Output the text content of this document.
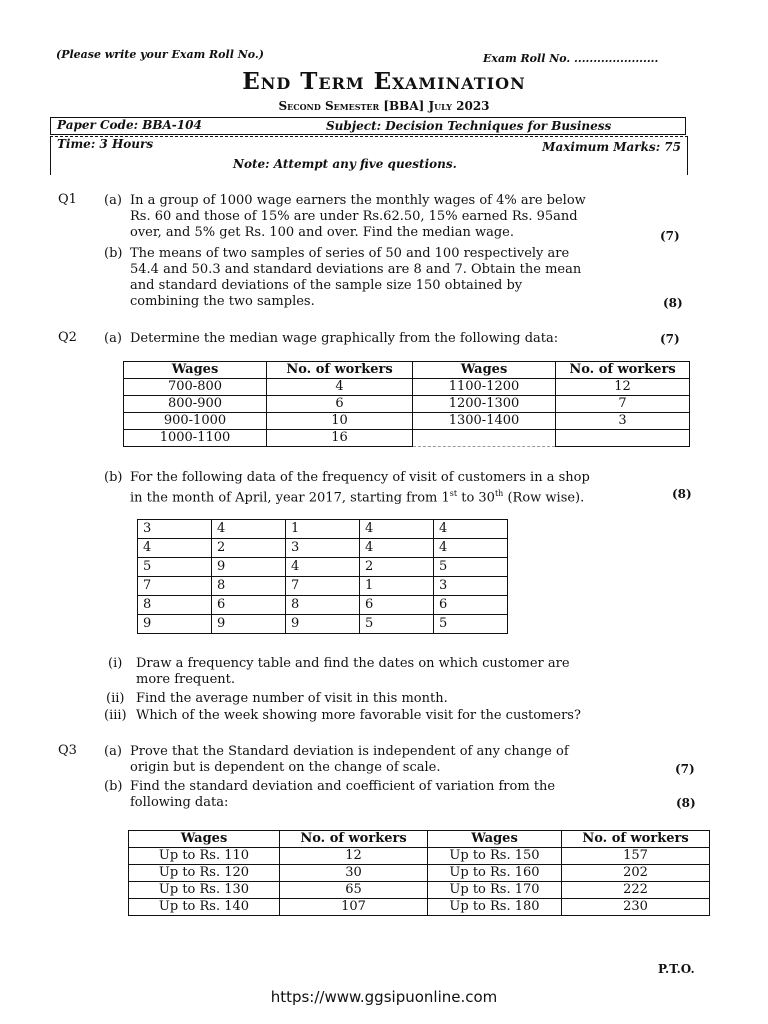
(Please write your Exam Roll No.)	Exam Roll No. ......................
End Term Examination
Second Semester [BBA] July 2023
Paper Code: BBA-104	Subject: Decision Techniques for Business
Time: 3 Hours	Maximum Marks: 75
Note: Attempt any five questions.
Q1 (a) In a group of 1000 wage earners the monthly wages of 4% are below
Rs. 60 and those of 15% are under Rs.62.50, 15% earned Rs. 95and
over, and 5% get Rs. 100 and over. Find the median wage.	(7)
(b) The means of two samples of series of 50 and 100 respectively are
54.4 and 50.3 and standard deviations are 8 and 7. Obtain the mean
and standard deviations of the sample size 150 obtained by
combining the two samples.	(8)
Q2 (a) Determine the median wage graphically from the following data:	(7)
Wages	No. of workers	Wages	No. of workers
700-800	4	1100-1200	12
800-900	6	1200-1300	7
900-1000	10	1300-1400	3
1000-1100	16		
(b) For the following data of the frequency of visit of customers in a shop
in the month of April, year 2017, starting from 1st to 30th (Row wise).	(8)
3	4	1	4	4
4	2	3	4	4
5	9	4	2	5
7	8	7	1	3
8	6	8	6	6
9	9	9	5	5
(i) Draw a frequency table and find the dates on which customer are
more frequent.
(ii) Find the average number of visit in this month.
(iii) Which of the week showing more favorable visit for the customers?
Q3 (a) Prove that the Standard deviation is independent of any change of
origin but is dependent on the change of scale.	(7)
(b) Find the standard deviation and coefficient of variation from the
following data:	(8)
Wages	No. of workers	Wages	No. of workers
Up to Rs. 110	12	Up to Rs. 150	157
Up to Rs. 120	30	Up to Rs. 160	202
Up to Rs. 130	65	Up to Rs. 170	222
Up to Rs. 140	107	Up to Rs. 180	230
P.T.O.
https://www.ggsipuonline.com
